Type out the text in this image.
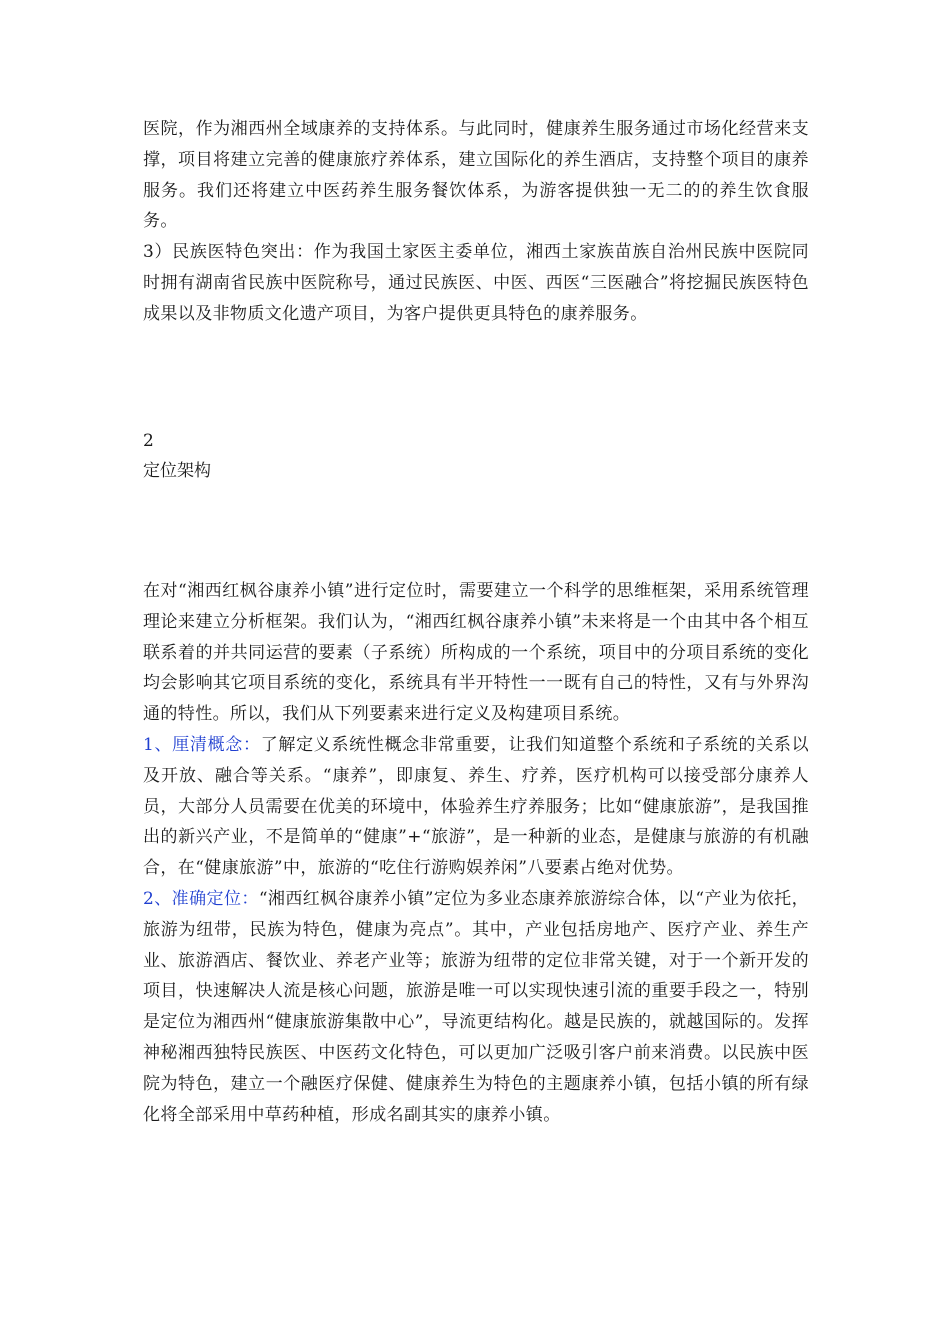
医院，作为湘西州全域康养的支持体系。与此同时，健康养生服务通过市场化经营来支撑，项目将建立完善的健康旅疗养体系，建立国际化的养生酒店，支持整个项目的康养服务。我们还将建立中医药养生服务餐饮体系，为游客提供独一无二的的养生饮食服务。

3）民族医特色突出：作为我国土家医主委单位，湘西土家族苗族自治州民族中医院同时拥有湖南省民族中医院称号，通过民族医、中医、西医“三医融合”将挖掘民族医特色成果以及非物质文化遗产项目，为客户提供更具特色的康养服务。

2
定位架构

在对“湘西红枫谷康养小镇”进行定位时，需要建立一个科学的思维框架，采用系统管理理论来建立分析框架。我们认为，“湘西红枫谷康养小镇”未来将是一个由其中各个相互联系着的并共同运营的要素（子系统）所构成的一个系统，项目中的分项目系统的变化均会影响其它项目系统的变化，系统具有半开特性一一既有自己的特性，又有与外界沟通的特性。所以，我们从下列要素来进行定义及构建项目系统。

1、厘清概念：了解定义系统性概念非常重要，让我们知道整个系统和子系统的关系以及开放、融合等关系。“康养”，即康复、养生、疗养，医疗机构可以接受部分康养人员，大部分人员需要在优美的环境中，体验养生疗养服务；比如“健康旅游”，是我国推出的新兴产业，不是简单的“健康”+“旅游”，是一种新的业态，是健康与旅游的有机融合，在“健康旅游”中，旅游的“吃住行游购娱养闲”八要素占绝对优势。

2、准确定位：“湘西红枫谷康养小镇”定位为多业态康养旅游综合体，以“产业为依托，旅游为纽带，民族为特色，健康为亮点”。其中，产业包括房地产、医疗产业、养生产业、旅游酒店、餐饮业、养老产业等；旅游为纽带的定位非常关键，对于一个新开发的项目，快速解决人流是核心问题，旅游是唯一可以实现快速引流的重要手段之一，特别是定位为湘西州“健康旅游集散中心”，导流更结构化。越是民族的，就越国际的。发挥神秘湘西独特民族医、中医药文化特色，可以更加广泛吸引客户前来消费。以民族中医院为特色，建立一个融医疗保健、健康养生为特色的主题康养小镇，包括小镇的所有绿化将全部采用中草药种植，形成名副其实的康养小镇。
